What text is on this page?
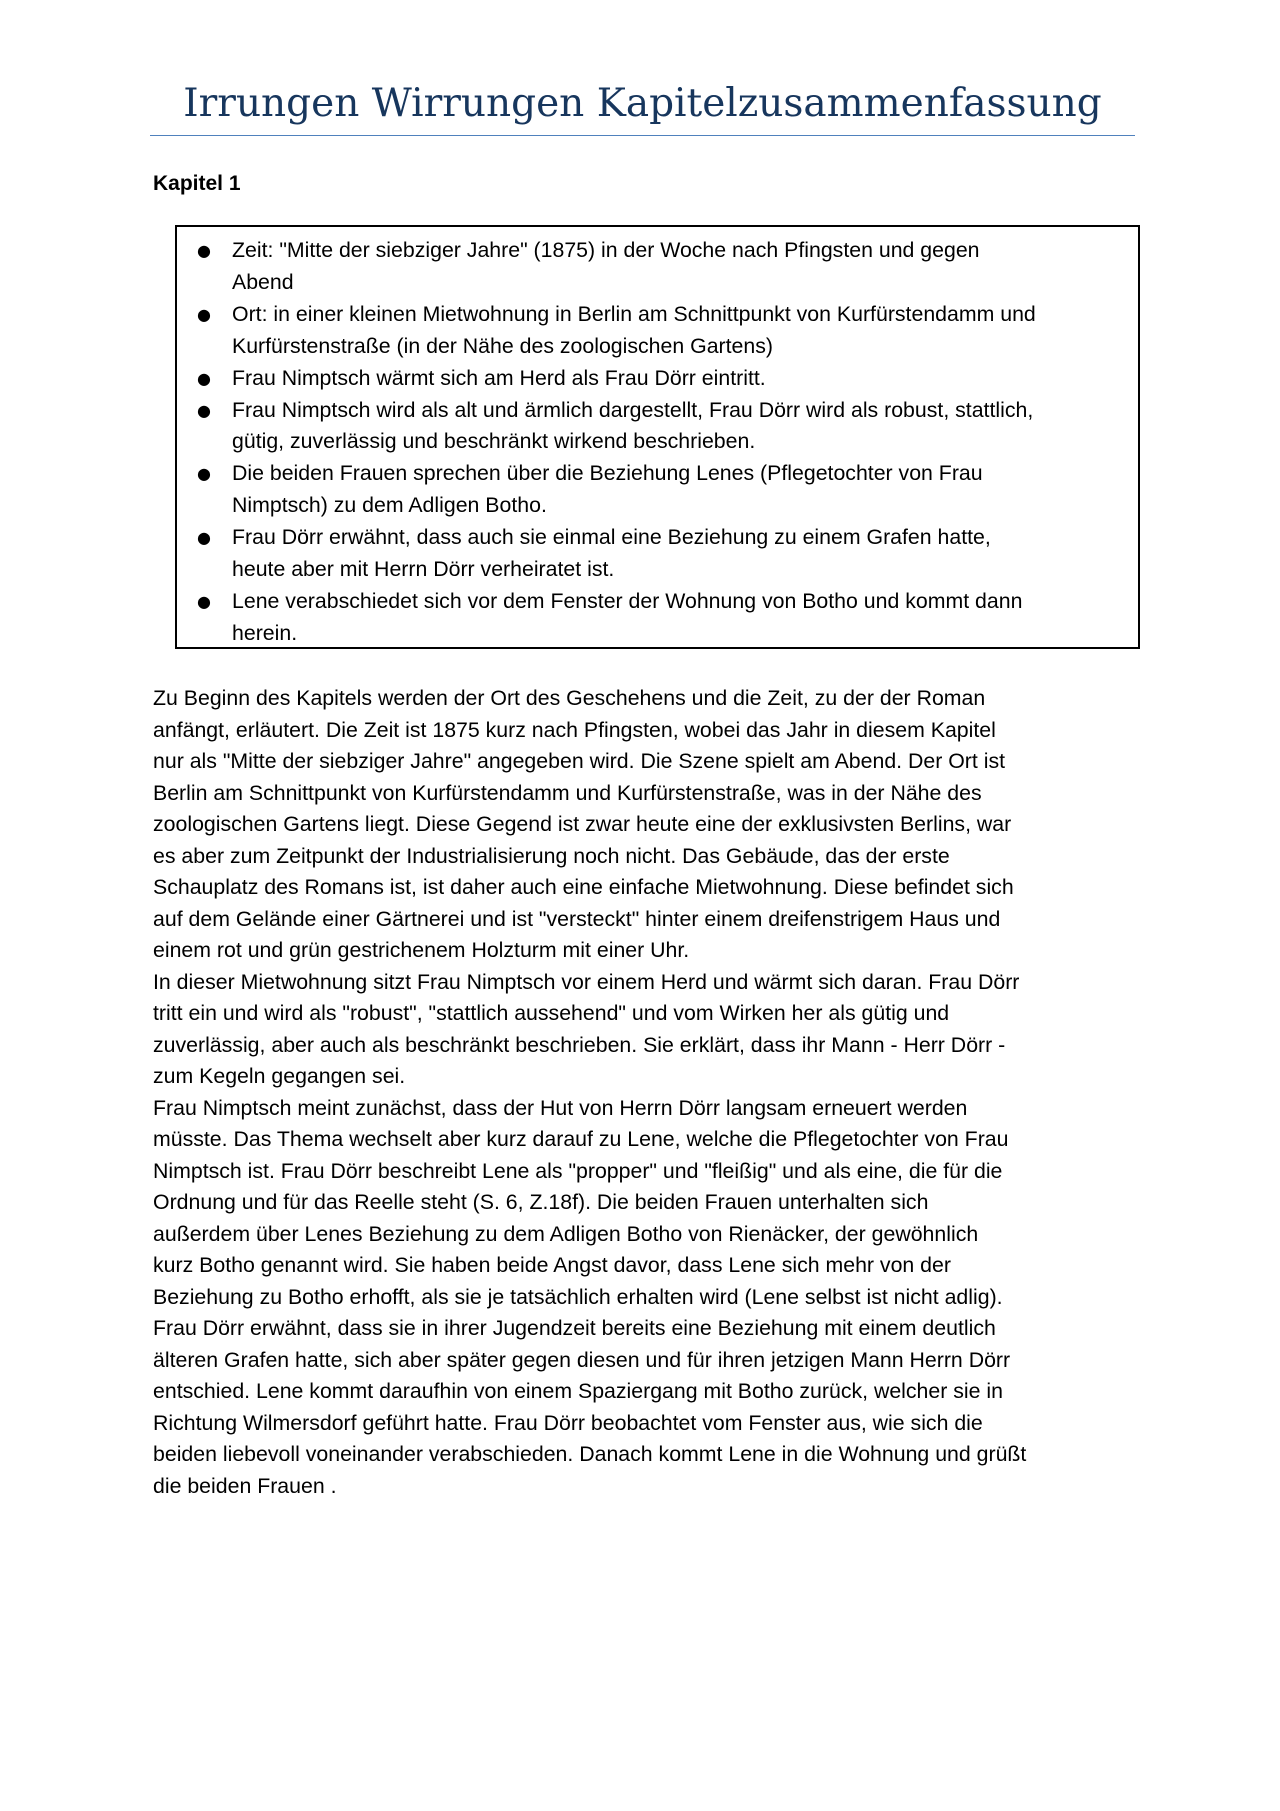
Irrungen Wirrungen Kapitelzusammenfassung
Kapitel 1
● Zeit: "Mitte der siebziger Jahre" (1875) in der Woche nach Pfingsten und gegen
Abend
● Ort: in einer kleinen Mietwohnung in Berlin am Schnittpunkt von Kurfürstendamm und
Kurfürstenstraße (in der Nähe des zoologischen Gartens)
● Frau Nimptsch wärmt sich am Herd als Frau Dörr eintritt.
● Frau Nimptsch wird als alt und ärmlich dargestellt, Frau Dörr wird als robust, stattlich,
gütig, zuverlässig und beschränkt wirkend beschrieben.
● Die beiden Frauen sprechen über die Beziehung Lenes (Pflegetochter von Frau
Nimptsch) zu dem Adligen Botho.
● Frau Dörr erwähnt, dass auch sie einmal eine Beziehung zu einem Grafen hatte,
heute aber mit Herrn Dörr verheiratet ist.
● Lene verabschiedet sich vor dem Fenster der Wohnung von Botho und kommt dann
herein.
Zu Beginn des Kapitels werden der Ort des Geschehens und die Zeit, zu der der Roman
anfängt, erläutert. Die Zeit ist 1875 kurz nach Pfingsten, wobei das Jahr in diesem Kapitel
nur als "Mitte der siebziger Jahre" angegeben wird. Die Szene spielt am Abend. Der Ort ist
Berlin am Schnittpunkt von Kurfürstendamm und Kurfürstenstraße, was in der Nähe des
zoologischen Gartens liegt. Diese Gegend ist zwar heute eine der exklusivsten Berlins, war
es aber zum Zeitpunkt der Industrialisierung noch nicht. Das Gebäude, das der erste
Schauplatz des Romans ist, ist daher auch eine einfache Mietwohnung. Diese befindet sich
auf dem Gelände einer Gärtnerei und ist "versteckt" hinter einem dreifenstrigem Haus und
einem rot und grün gestrichenem Holzturm mit einer Uhr.
In dieser Mietwohnung sitzt Frau Nimptsch vor einem Herd und wärmt sich daran. Frau Dörr
tritt ein und wird als "robust", "stattlich aussehend" und vom Wirken her als gütig und
zuverlässig, aber auch als beschränkt beschrieben. Sie erklärt, dass ihr Mann - Herr Dörr -
zum Kegeln gegangen sei.
Frau Nimptsch meint zunächst, dass der Hut von Herrn Dörr langsam erneuert werden
müsste. Das Thema wechselt aber kurz darauf zu Lene, welche die Pflegetochter von Frau
Nimptsch ist. Frau Dörr beschreibt Lene als "propper" und "fleißig" und als eine, die für die
Ordnung und für das Reelle steht (S. 6, Z.18f). Die beiden Frauen unterhalten sich
außerdem über Lenes Beziehung zu dem Adligen Botho von Rienäcker, der gewöhnlich
kurz Botho genannt wird. Sie haben beide Angst davor, dass Lene sich mehr von der
Beziehung zu Botho erhofft, als sie je tatsächlich erhalten wird (Lene selbst ist nicht adlig).
Frau Dörr erwähnt, dass sie in ihrer Jugendzeit bereits eine Beziehung mit einem deutlich
älteren Grafen hatte, sich aber später gegen diesen und für ihren jetzigen Mann Herrn Dörr
entschied. Lene kommt daraufhin von einem Spaziergang mit Botho zurück, welcher sie in
Richtung Wilmersdorf geführt hatte. Frau Dörr beobachtet vom Fenster aus, wie sich die
beiden liebevoll voneinander verabschieden. Danach kommt Lene in die Wohnung und grüßt
die beiden Frauen .
